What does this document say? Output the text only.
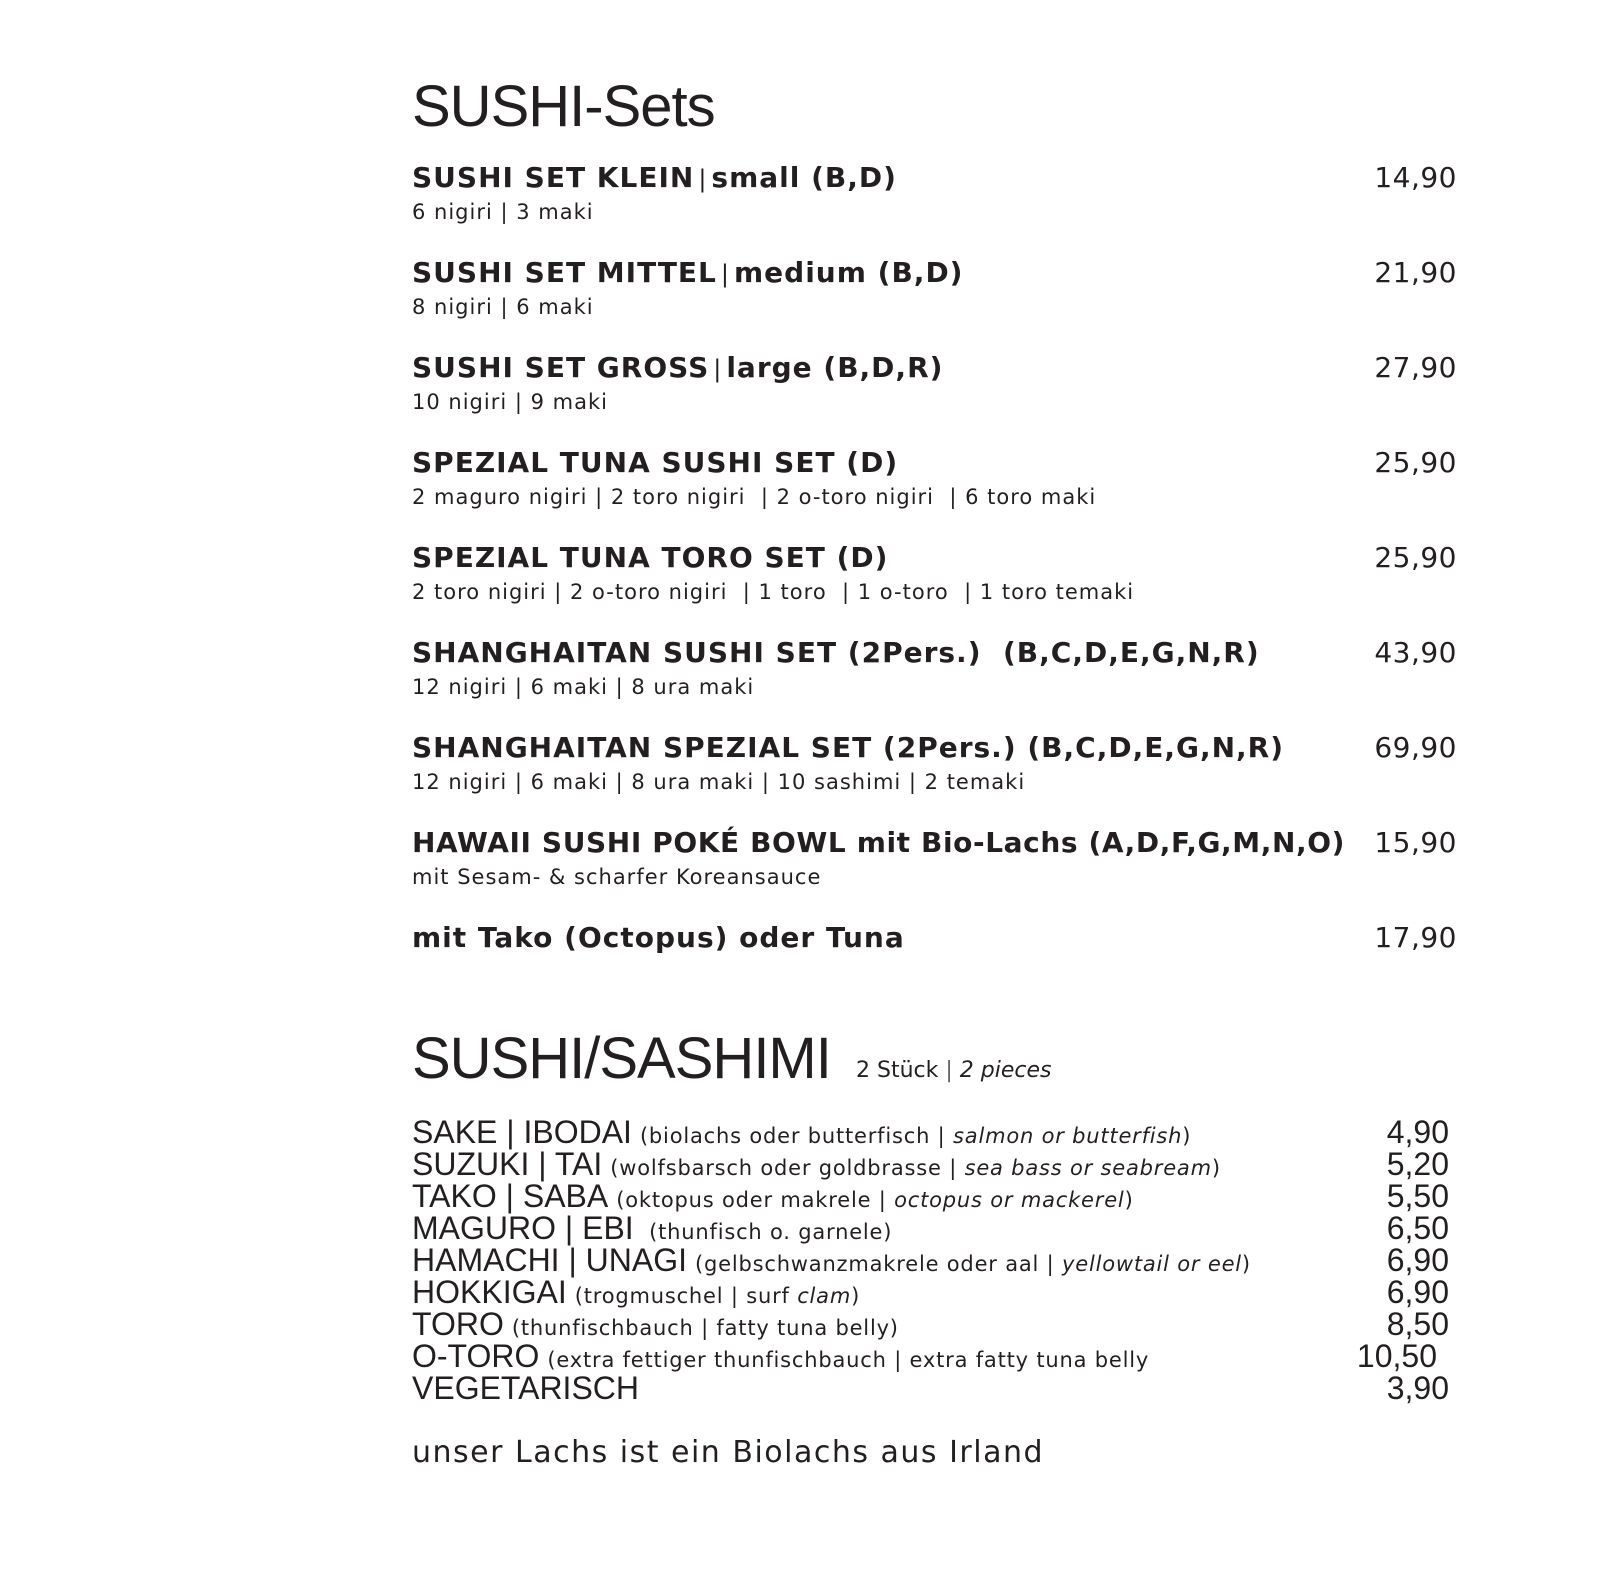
SUSHI-Sets
SUSHI SET KLEIN | small (B,D)	14,90
6 nigiri | 3 maki
SUSHI SET MITTEL | medium (B,D)	21,90
8 nigiri | 6 maki
SUSHI SET GROSS | large (B,D,R)	27,90
10 nigiri | 9 maki
SPEZIAL TUNA SUSHI SET (D)	25,90
2 maguro nigiri | 2 toro nigiri  | 2 o-toro nigiri  | 6 toro maki
SPEZIAL TUNA TORO SET (D)	25,90
2 toro nigiri | 2 o-toro nigiri  | 1 toro  | 1 o-toro  | 1 toro temaki
SHANGHAITAN SUSHI SET (2Pers.)  (B,C,D,E,G,N,R)	43,90
12 nigiri | 6 maki | 8 ura maki
SHANGHAITAN SPEZIAL SET (2Pers.) (B,C,D,E,G,N,R)	69,90
12 nigiri | 6 maki | 8 ura maki | 10 sashimi | 2 temaki
HAWAII SUSHI POKÉ BOWL mit Bio-Lachs (A,D,F,G,M,N,O) 15,90
mit Sesam- & scharfer Koreansauce
mit Tako (Octopus) oder Tuna	17,90
SUSHI/SASHIMI 2 Stück | 2 pieces
SAKE | IBODAI (biolachs oder butterfisch | salmon or butterfish)	4,90
SUZUKI | TAI (wolfsbarsch oder goldbrasse | sea bass or seabream)	5,20
TAKO | SABA (oktopus oder makrele | octopus or mackerel)	5,50
MAGURO | EBI (thunfisch o. garnele)	6,50
HAMACHI | UNAGI (gelbschwanzmakrele oder aal | yellowtail or eel)	6,90
HOKKIGAI (trogmuschel | surf clam)	6,90
TORO (thunfischbauch | fatty tuna belly)	8,50
O-TORO (extra fettiger thunfischbauch | extra fatty tuna belly	10,50
VEGETARISCH	3,90
unser Lachs ist ein Biolachs aus Irland
